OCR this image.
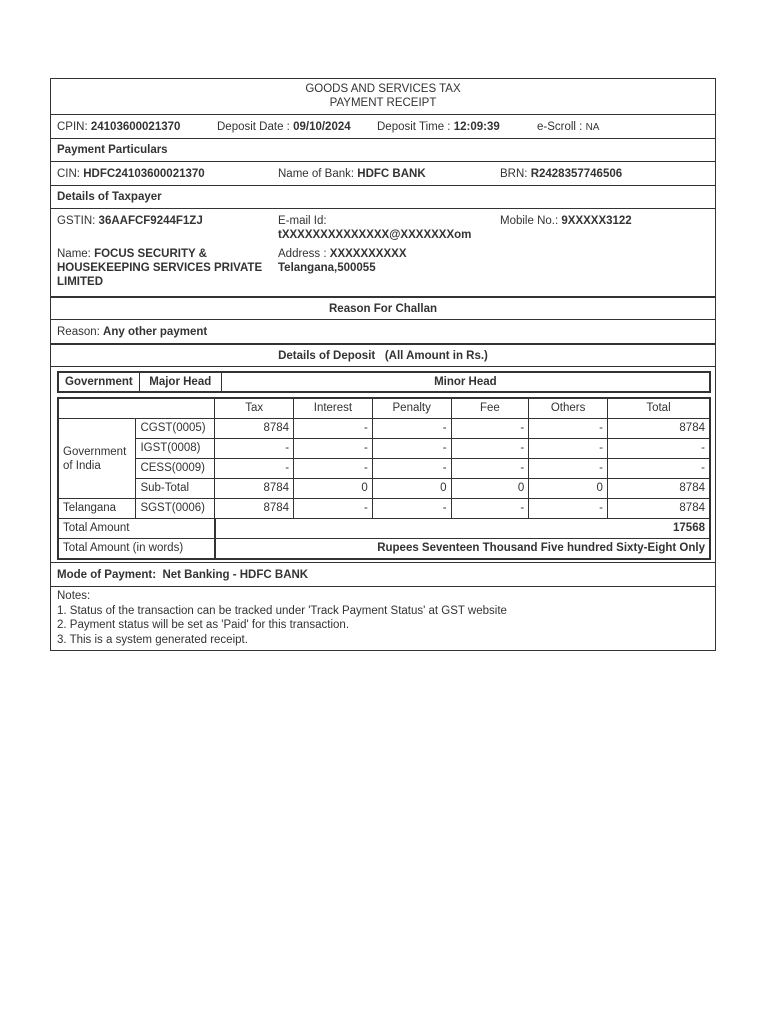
GOODS AND SERVICES TAX
PAYMENT RECEIPT
CPIN: 24103600021370	Deposit Date : 09/10/2024 Deposit Time : 12:09:39	e-Scroll : NA
Payment Particulars
CIN: HDFC24103600021370	Name of Bank: HDFC BANK	BRN: R2428357746506
Details of Taxpayer
GSTIN: 36AAFCF9244F1ZJ	E-mail Id:
tXXXXXXXXXXXXXX@XXXXXXXom
Mobile No.: 9XXXXX3122
Name: FOCUS SECURITY &
HOUSEKEEPING SERVICES PRIVATE
LIMITED
Address : XXXXXXXXXX
Telangana,500055
Reason For Challan
Reason: Any other payment
Details of Deposit (All Amount in Rs.)
Government	Major Head	Minor Head
		Tax	Interest	Penalty	Fee	Others	Total

Government
of India	CGST(0005)	8784	-	-	-	-	8784
	IGST(0008)	-	-	-	-	-	-
	CESS(0009)	-	-	-	-	-	-
	Sub-Total	8784	0	0	0	0	8784
Telangana	SGST(0006)	8784	-	-	-	-	8784
Total Amount		17568					
Total Amount (in words)		Rupees Seventeen Thousand Five hundred Sixty-Eight Only					
Mode of Payment: Net Banking - HDFC BANK
Notes:
1. Status of the transaction can be tracked under 'Track Payment Status' at GST website
2. Payment status will be set as 'Paid' for this transaction.
3. This is a system generated receipt.
